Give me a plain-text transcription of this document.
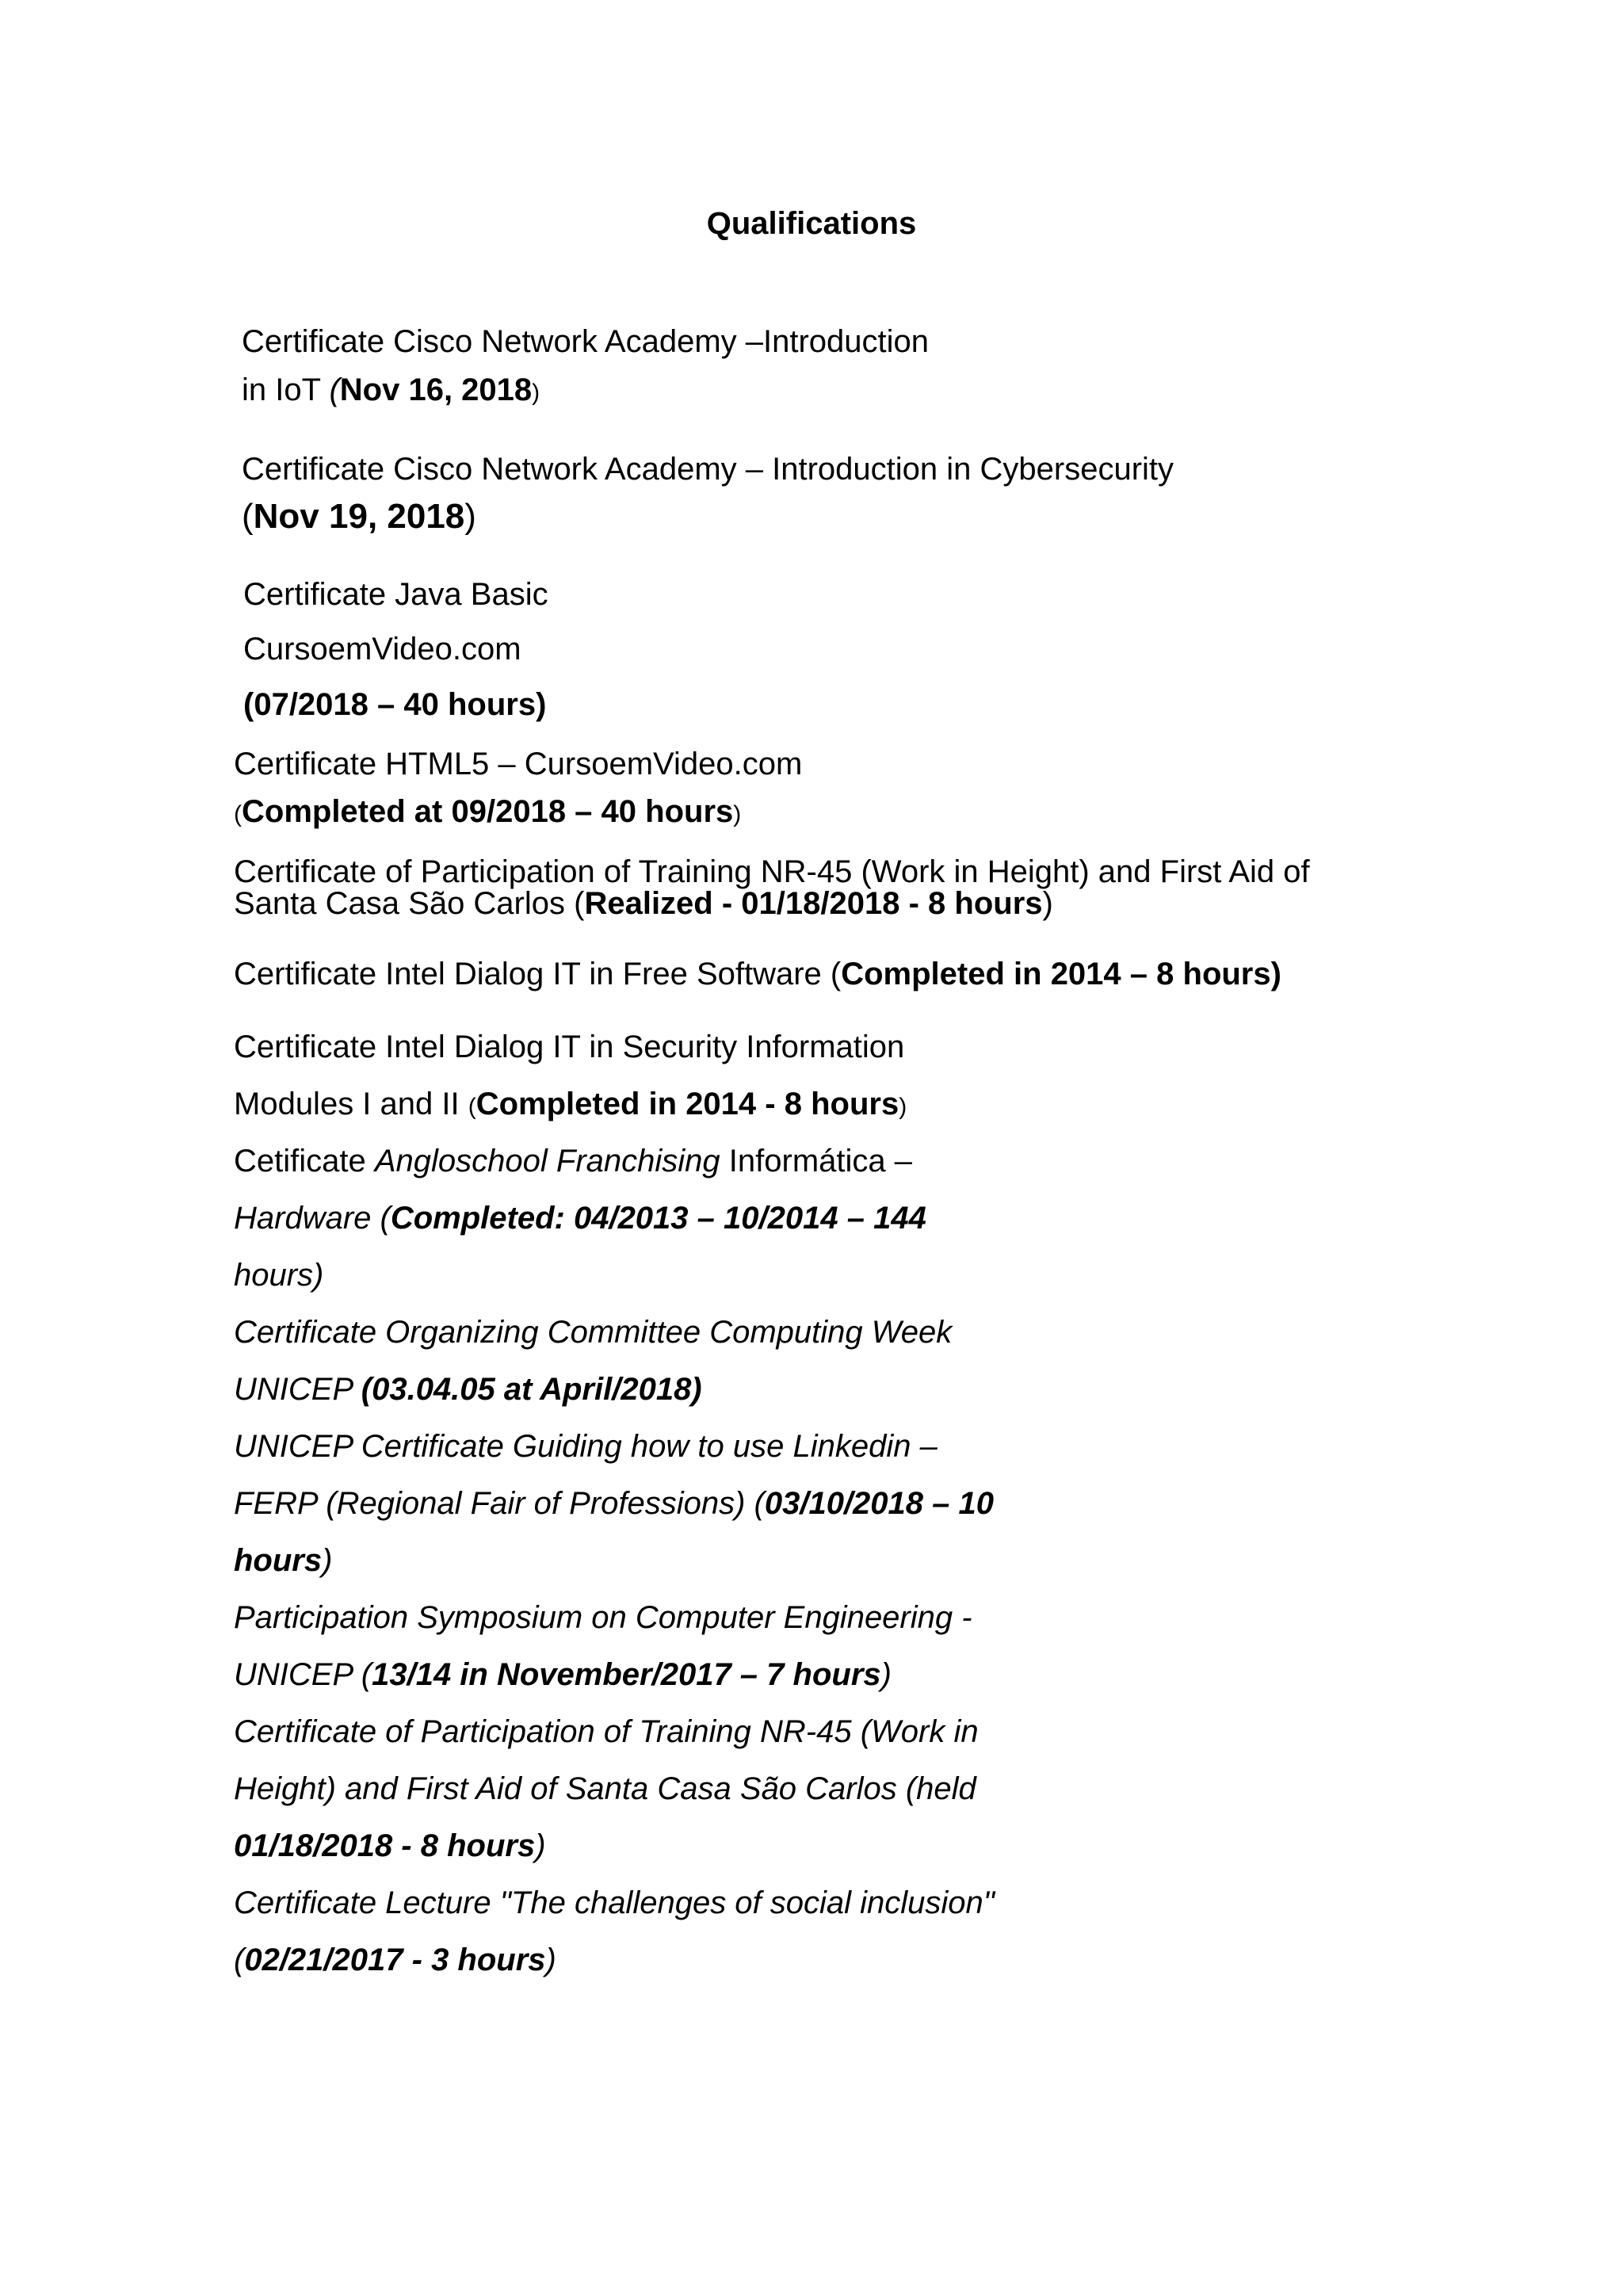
Qualifications
Certificate Cisco Network Academy –Introduction
in IoT (Nov 16, 2018)
Certificate Cisco Network Academy – Introduction in Cybersecurity
(Nov 19, 2018)
Certificate Java Basic
CursoemVideo.com
(07/2018 – 40 hours)
Certificate HTML5 – CursoemVideo.com
(Completed at 09/2018 – 40 hours)
Certificate of Participation of Training NR-45 (Work in Height) and First Aid of
Santa Casa São Carlos (Realized - 01/18/2018 - 8 hours)
Certificate Intel Dialog IT in Free Software (Completed in 2014 – 8 hours)
Certificate Intel Dialog IT in Security Information
Modules I and II (Completed in 2014 - 8 hours)
Cetificate Angloschool Franchising Informática –
Hardware (Completed: 04/2013 – 10/2014 – 144
hours)
Certificate Organizing Committee Computing Week
UNICEP (03.04.05 at April/2018)
UNICEP Certificate Guiding how to use Linkedin –
FERP (Regional Fair of Professions) (03/10/2018 – 10
hours)
Participation Symposium on Computer Engineering -
UNICEP (13/14 in November/2017 – 7 hours)
Certificate of Participation of Training NR-45 (Work in
Height) and First Aid of Santa Casa São Carlos (held
01/18/2018 - 8 hours)
Certificate Lecture "The challenges of social inclusion"
(02/21/2017 - 3 hours)
